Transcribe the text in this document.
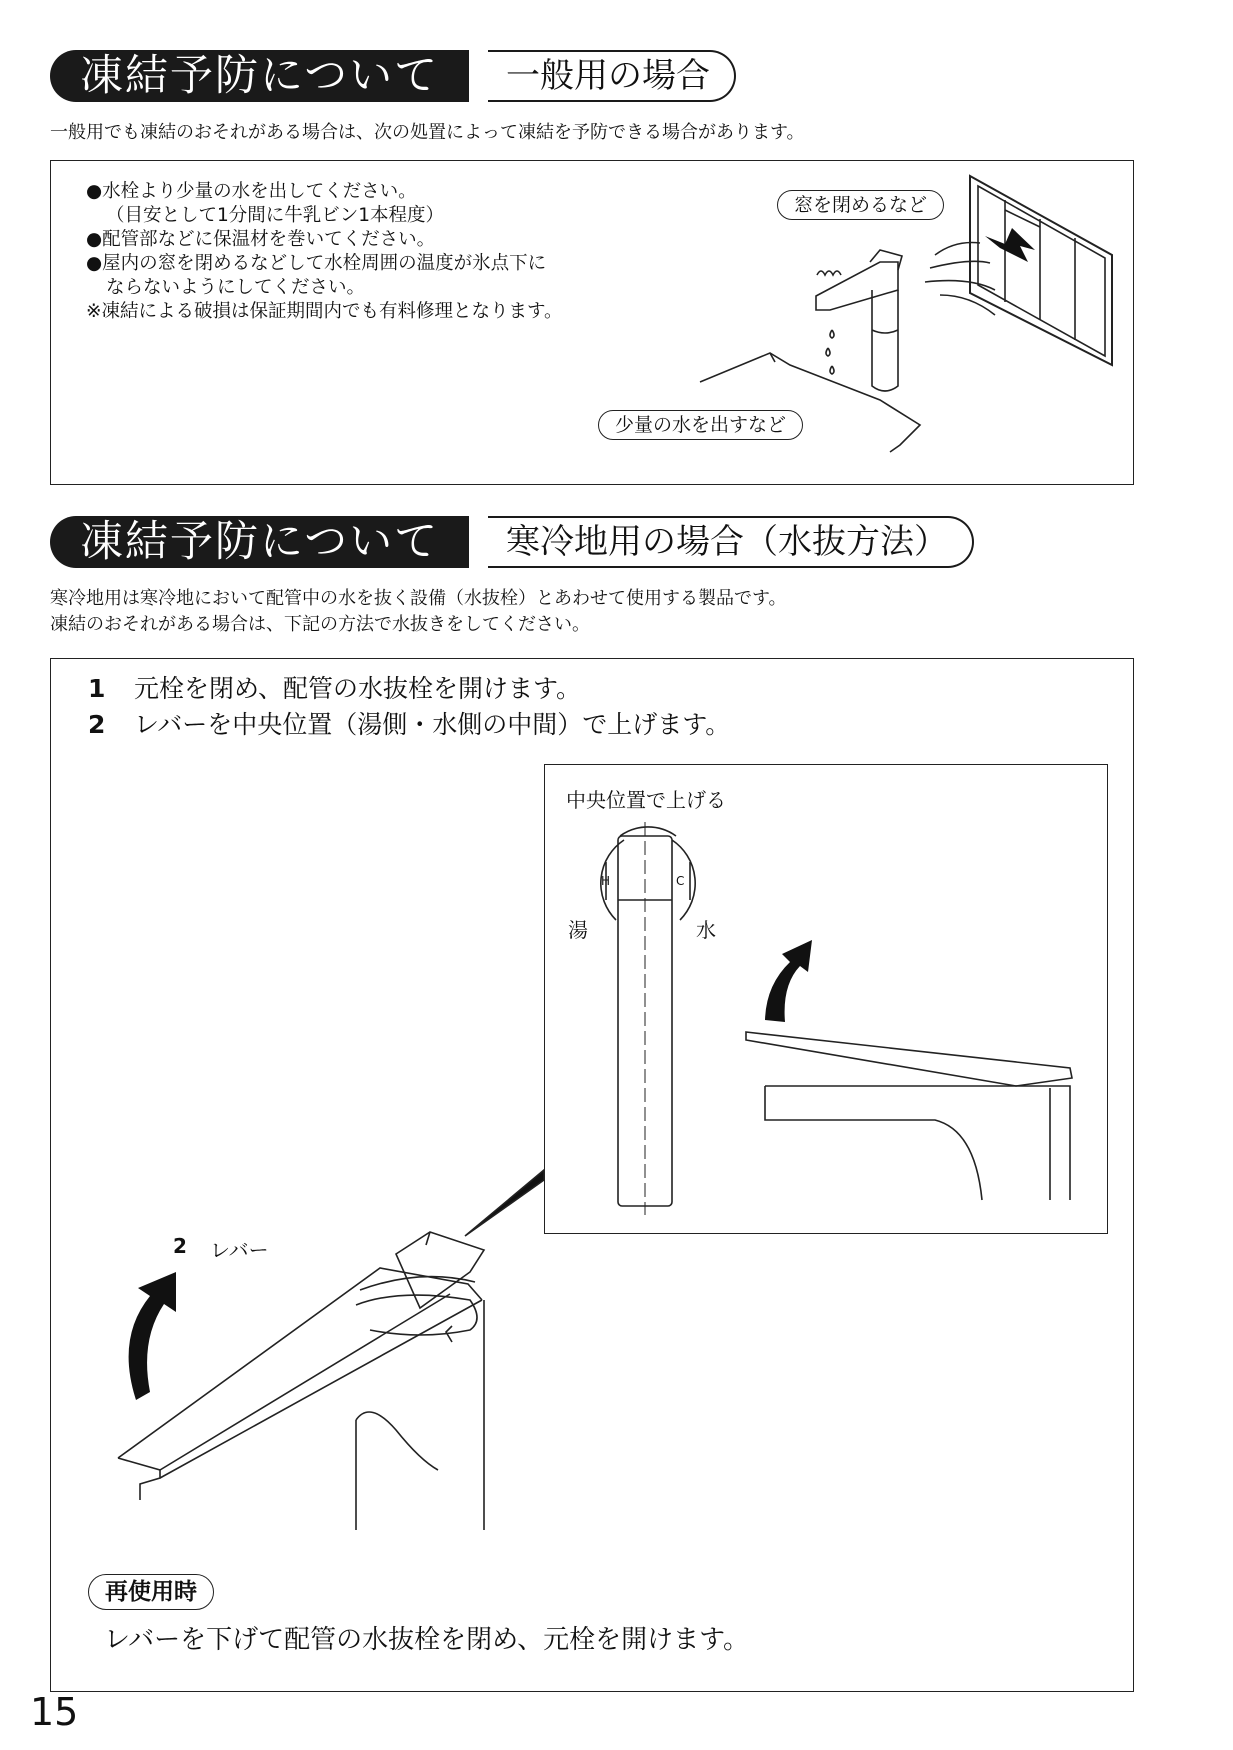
凍結予防について	一般用の場合
一般用でも凍結のおそれがある場合は、次の処置によって凍結を予防できる場合があります。
●水栓より少量の水を出してください。
（目安として1分間に牛乳ビン1本程度）
●配管部などに保温材を巻いてください。
●屋内の窓を閉めるなどして水栓周囲の温度が氷点下に
ならないようにしてください。
※凍結による破損は保証期間内でも有料修理となります。
窓を閉めるなど
少量の水を出すなど
凍結予防について	寒冷地用の場合（水抜方法）
寒冷地用は寒冷地において配管中の水を抜く設備（水抜栓）とあわせて使用する製品です。
凍結のおそれがある場合は、下記の方法で水抜きをしてください。
1 元栓を閉め、配管の水抜栓を開けます。
2 レバーを中央位置（湯側・水側の中間）で上げます。
中央位置で上げる
湯	水
H	C
2 レバー
再使用時
レバーを下げて配管の水抜栓を閉め、元栓を開けます。
15
